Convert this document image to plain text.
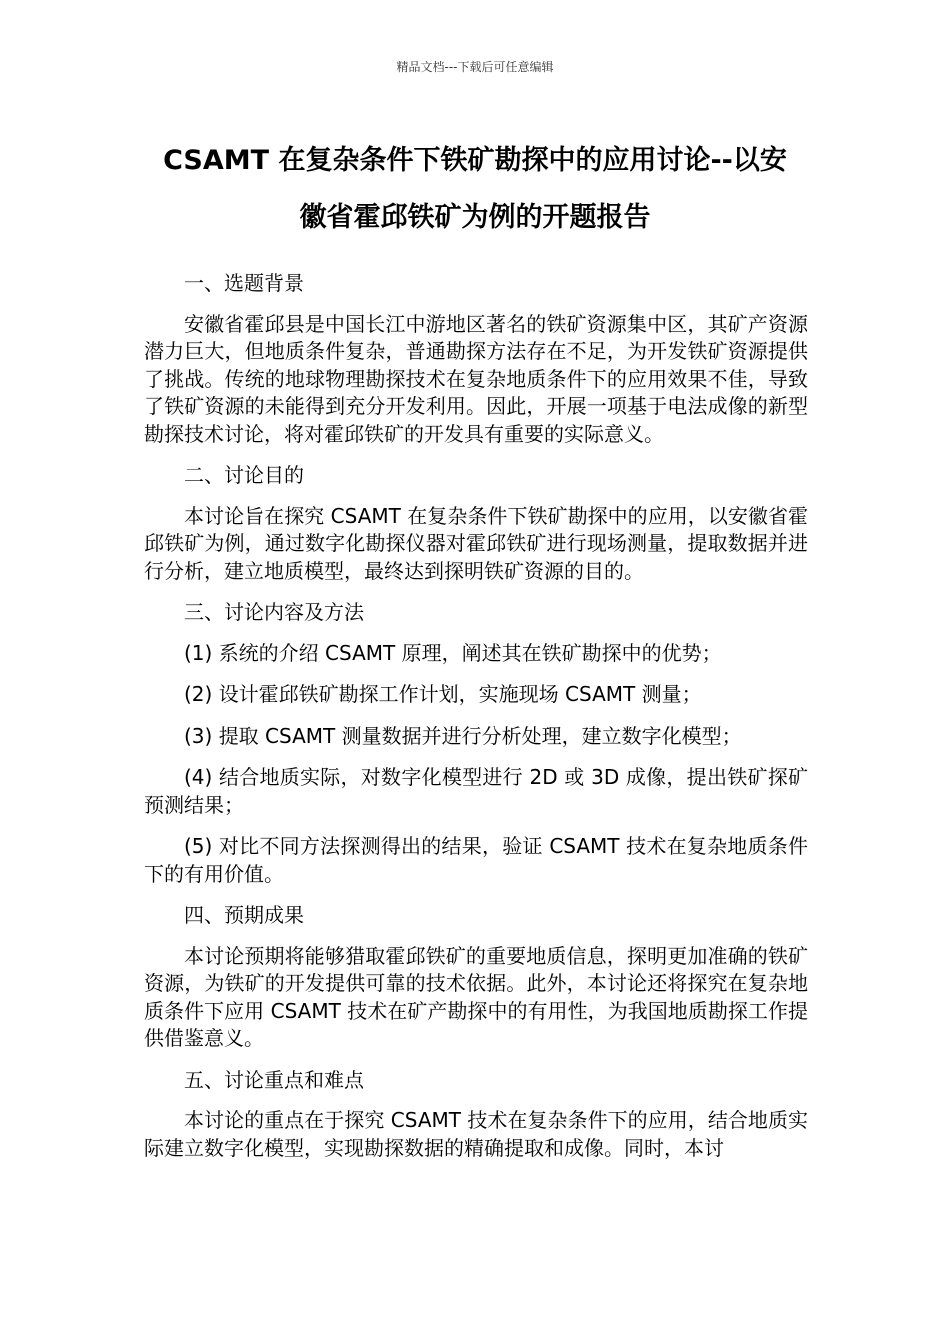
精品文档---下载后可任意编辑
CSAMT 在复杂条件下铁矿勘探中的应用讨论--以安
徽省霍邱铁矿为例的开题报告

一、选题背景

安徽省霍邱县是中国长江中游地区著名的铁矿资源集中区，其矿产资源潜力巨大，但地质条件复杂，普通勘探方法存在不足，为开发铁矿资源提供了挑战。传统的地球物理勘探技术在复杂地质条件下的应用效果不佳，导致了铁矿资源的未能得到充分开发利用。因此，开展一项基于电法成像的新型勘探技术讨论，将对霍邱铁矿的开发具有重要的实际意义。

二、讨论目的

本讨论旨在探究 CSAMT 在复杂条件下铁矿勘探中的应用，以安徽省霍邱铁矿为例，通过数字化勘探仪器对霍邱铁矿进行现场测量，提取数据并进行分析，建立地质模型，最终达到探明铁矿资源的目的。

三、讨论内容及方法

(1) 系统的介绍 CSAMT 原理，阐述其在铁矿勘探中的优势；

(2) 设计霍邱铁矿勘探工作计划，实施现场 CSAMT 测量；

(3) 提取 CSAMT 测量数据并进行分析处理，建立数字化模型；

(4) 结合地质实际，对数字化模型进行 2D 或 3D 成像，提出铁矿探矿预测结果；

(5) 对比不同方法探测得出的结果，验证 CSAMT 技术在复杂地质条件下的有用价值。

四、预期成果

本讨论预期将能够猎取霍邱铁矿的重要地质信息，探明更加准确的铁矿资源，为铁矿的开发提供可靠的技术依据。此外，本讨论还将探究在复杂地质条件下应用 CSAMT 技术在矿产勘探中的有用性，为我国地质勘探工作提供借鉴意义。

五、讨论重点和难点

本讨论的重点在于探究 CSAMT 技术在复杂条件下的应用，结合地质实际建立数字化模型，实现勘探数据的精确提取和成像。同时，本讨
